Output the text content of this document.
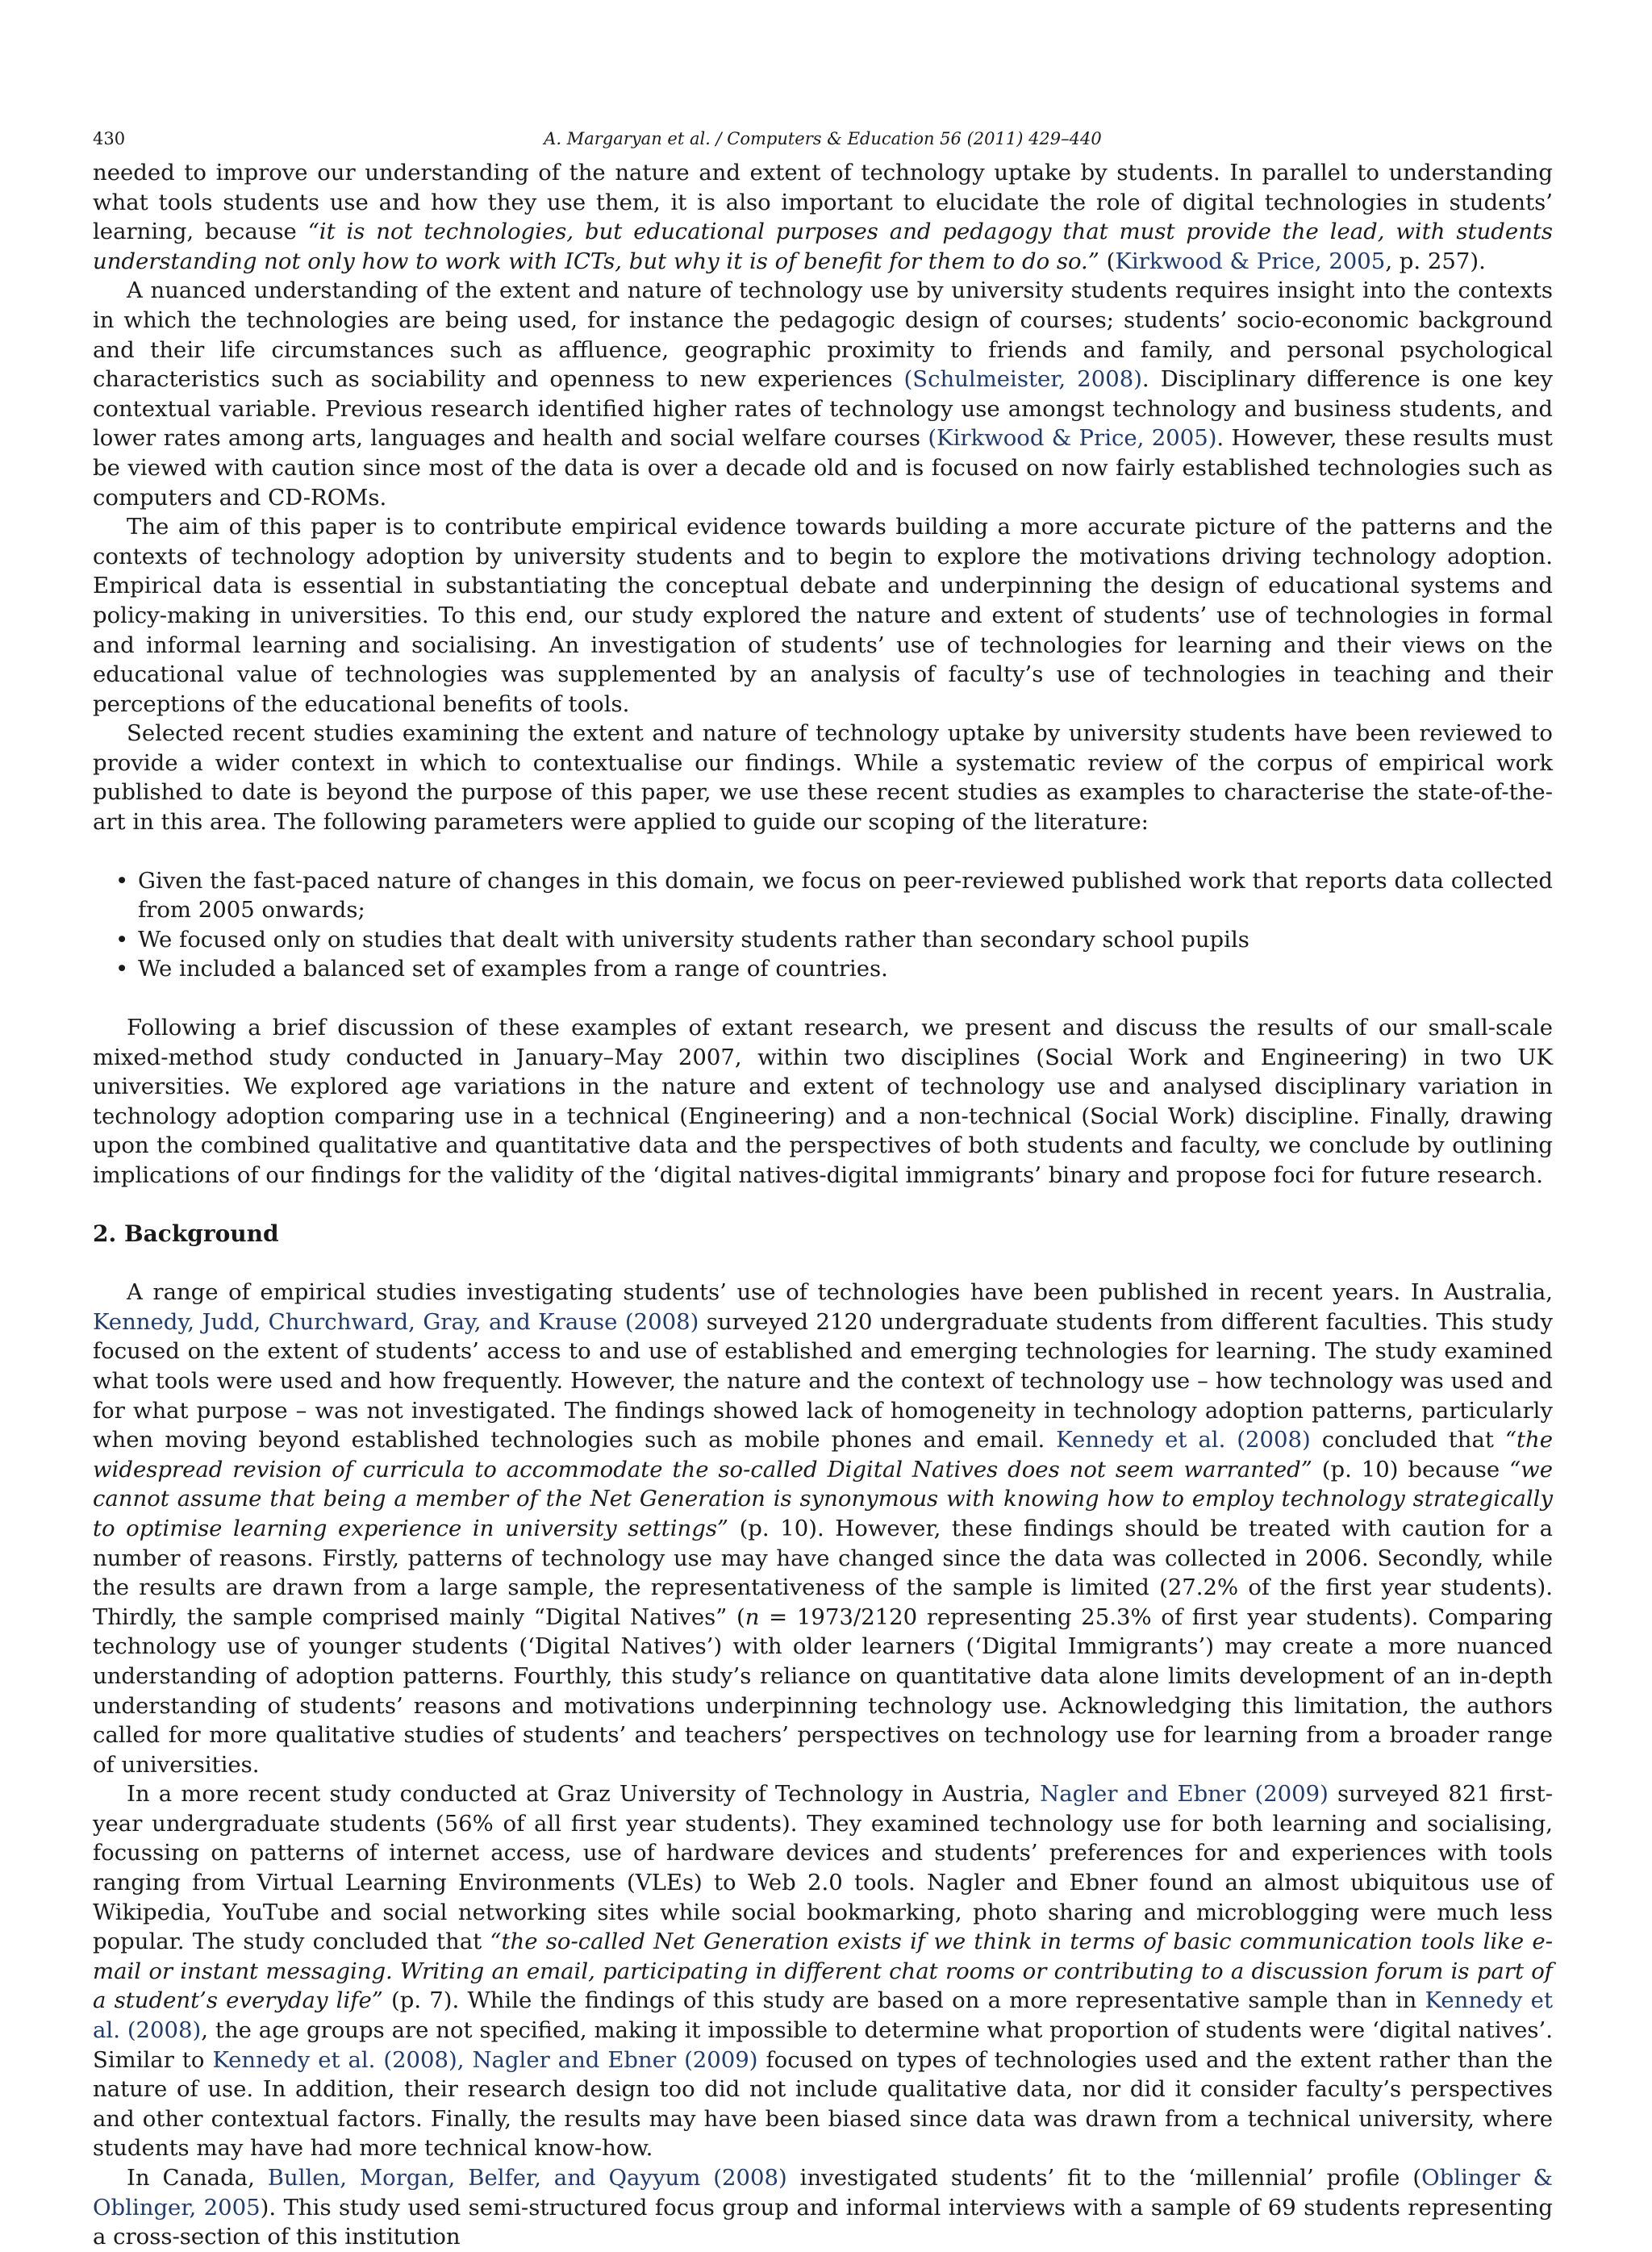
430	A. Margaryan et al. / Computers & Education 56 (2011) 429–440

needed to improve our understanding of the nature and extent of technology uptake by students. In parallel to understanding what tools students use and how they use them, it is also important to elucidate the role of digital technologies in students’ learning, because “it is not technologies, but educational purposes and pedagogy that must provide the lead, with students understanding not only how to work with ICTs, but why it is of benefit for them to do so.” (Kirkwood & Price, 2005, p. 257).

A nuanced understanding of the extent and nature of technology use by university students requires insight into the contexts in which the technologies are being used, for instance the pedagogic design of courses; students’ socio-economic background and their life circumstances such as affluence, geographic proximity to friends and family, and personal psychological characteristics such as sociability and openness to new experiences (Schulmeister, 2008). Disciplinary difference is one key contextual variable. Previous research identified higher rates of technology use amongst technology and business students, and lower rates among arts, languages and health and social welfare courses (Kirkwood & Price, 2005). However, these results must be viewed with caution since most of the data is over a decade old and is focused on now fairly established technologies such as computers and CD-ROMs.

The aim of this paper is to contribute empirical evidence towards building a more accurate picture of the patterns and the contexts of technology adoption by university students and to begin to explore the motivations driving technology adoption. Empirical data is essential in substantiating the conceptual debate and underpinning the design of educational systems and policy-making in universities. To this end, our study explored the nature and extent of students’ use of technologies in formal and informal learning and socialising. An investigation of students’ use of technologies for learning and their views on the educational value of technologies was supplemented by an analysis of faculty’s use of technologies in teaching and their perceptions of the educational benefits of tools.

Selected recent studies examining the extent and nature of technology uptake by university students have been reviewed to provide a wider context in which to contextualise our findings. While a systematic review of the corpus of empirical work published to date is beyond the purpose of this paper, we use these recent studies as examples to characterise the state-of-the-art in this area. The following parameters were applied to guide our scoping of the literature:

• Given the fast-paced nature of changes in this domain, we focus on peer-reviewed published work that reports data collected from 2005 onwards;
• We focused only on studies that dealt with university students rather than secondary school pupils
• We included a balanced set of examples from a range of countries.

Following a brief discussion of these examples of extant research, we present and discuss the results of our small-scale mixed-method study conducted in January–May 2007, within two disciplines (Social Work and Engineering) in two UK universities. We explored age variations in the nature and extent of technology use and analysed disciplinary variation in technology adoption comparing use in a technical (Engineering) and a non-technical (Social Work) discipline. Finally, drawing upon the combined qualitative and quantitative data and the perspectives of both students and faculty, we conclude by outlining implications of our findings for the validity of the ‘digital natives-digital immigrants’ binary and propose foci for future research.

2. Background

A range of empirical studies investigating students’ use of technologies have been published in recent years. In Australia, Kennedy, Judd, Churchward, Gray, and Krause (2008) surveyed 2120 undergraduate students from different faculties. This study focused on the extent of students’ access to and use of established and emerging technologies for learning. The study examined what tools were used and how frequently. However, the nature and the context of technology use – how technology was used and for what purpose – was not investigated. The findings showed lack of homogeneity in technology adoption patterns, particularly when moving beyond established technologies such as mobile phones and email. Kennedy et al. (2008) concluded that “the widespread revision of curricula to accommodate the so-called Digital Natives does not seem warranted” (p. 10) because “we cannot assume that being a member of the Net Generation is synonymous with knowing how to employ technology strategically to optimise learning experience in university settings” (p. 10). However, these findings should be treated with caution for a number of reasons. Firstly, patterns of technology use may have changed since the data was collected in 2006. Secondly, while the results are drawn from a large sample, the representativeness of the sample is limited (27.2% of the first year students). Thirdly, the sample comprised mainly “Digital Natives” (n = 1973/2120 representing 25.3% of first year students). Comparing technology use of younger students (‘Digital Natives’) with older learners (‘Digital Immigrants’) may create a more nuanced understanding of adoption patterns. Fourthly, this study’s reliance on quantitative data alone limits development of an in-depth understanding of students’ reasons and motivations underpinning technology use. Acknowledging this limitation, the authors called for more qualitative studies of students’ and teachers’ perspectives on technology use for learning from a broader range of universities.

In a more recent study conducted at Graz University of Technology in Austria, Nagler and Ebner (2009) surveyed 821 first-year undergraduate students (56% of all first year students). They examined technology use for both learning and socialising, focussing on patterns of internet access, use of hardware devices and students’ preferences for and experiences with tools ranging from Virtual Learning Environments (VLEs) to Web 2.0 tools. Nagler and Ebner found an almost ubiquitous use of Wikipedia, YouTube and social networking sites while social bookmarking, photo sharing and microblogging were much less popular. The study concluded that “the so-called Net Generation exists if we think in terms of basic communication tools like e-mail or instant messaging. Writing an email, participating in different chat rooms or contributing to a discussion forum is part of a student’s everyday life” (p. 7). While the findings of this study are based on a more representative sample than in Kennedy et al. (2008), the age groups are not specified, making it impossible to determine what proportion of students were ‘digital natives’. Similar to Kennedy et al. (2008), Nagler and Ebner (2009) focused on types of technologies used and the extent rather than the nature of use. In addition, their research design too did not include qualitative data, nor did it consider faculty’s perspectives and other contextual factors. Finally, the results may have been biased since data was drawn from a technical university, where students may have had more technical know-how.

In Canada, Bullen, Morgan, Belfer, and Qayyum (2008) investigated students’ fit to the ‘millennial’ profile (Oblinger & Oblinger, 2005). This study used semi-structured focus group and informal interviews with a sample of 69 students representing a cross-section of this institution
